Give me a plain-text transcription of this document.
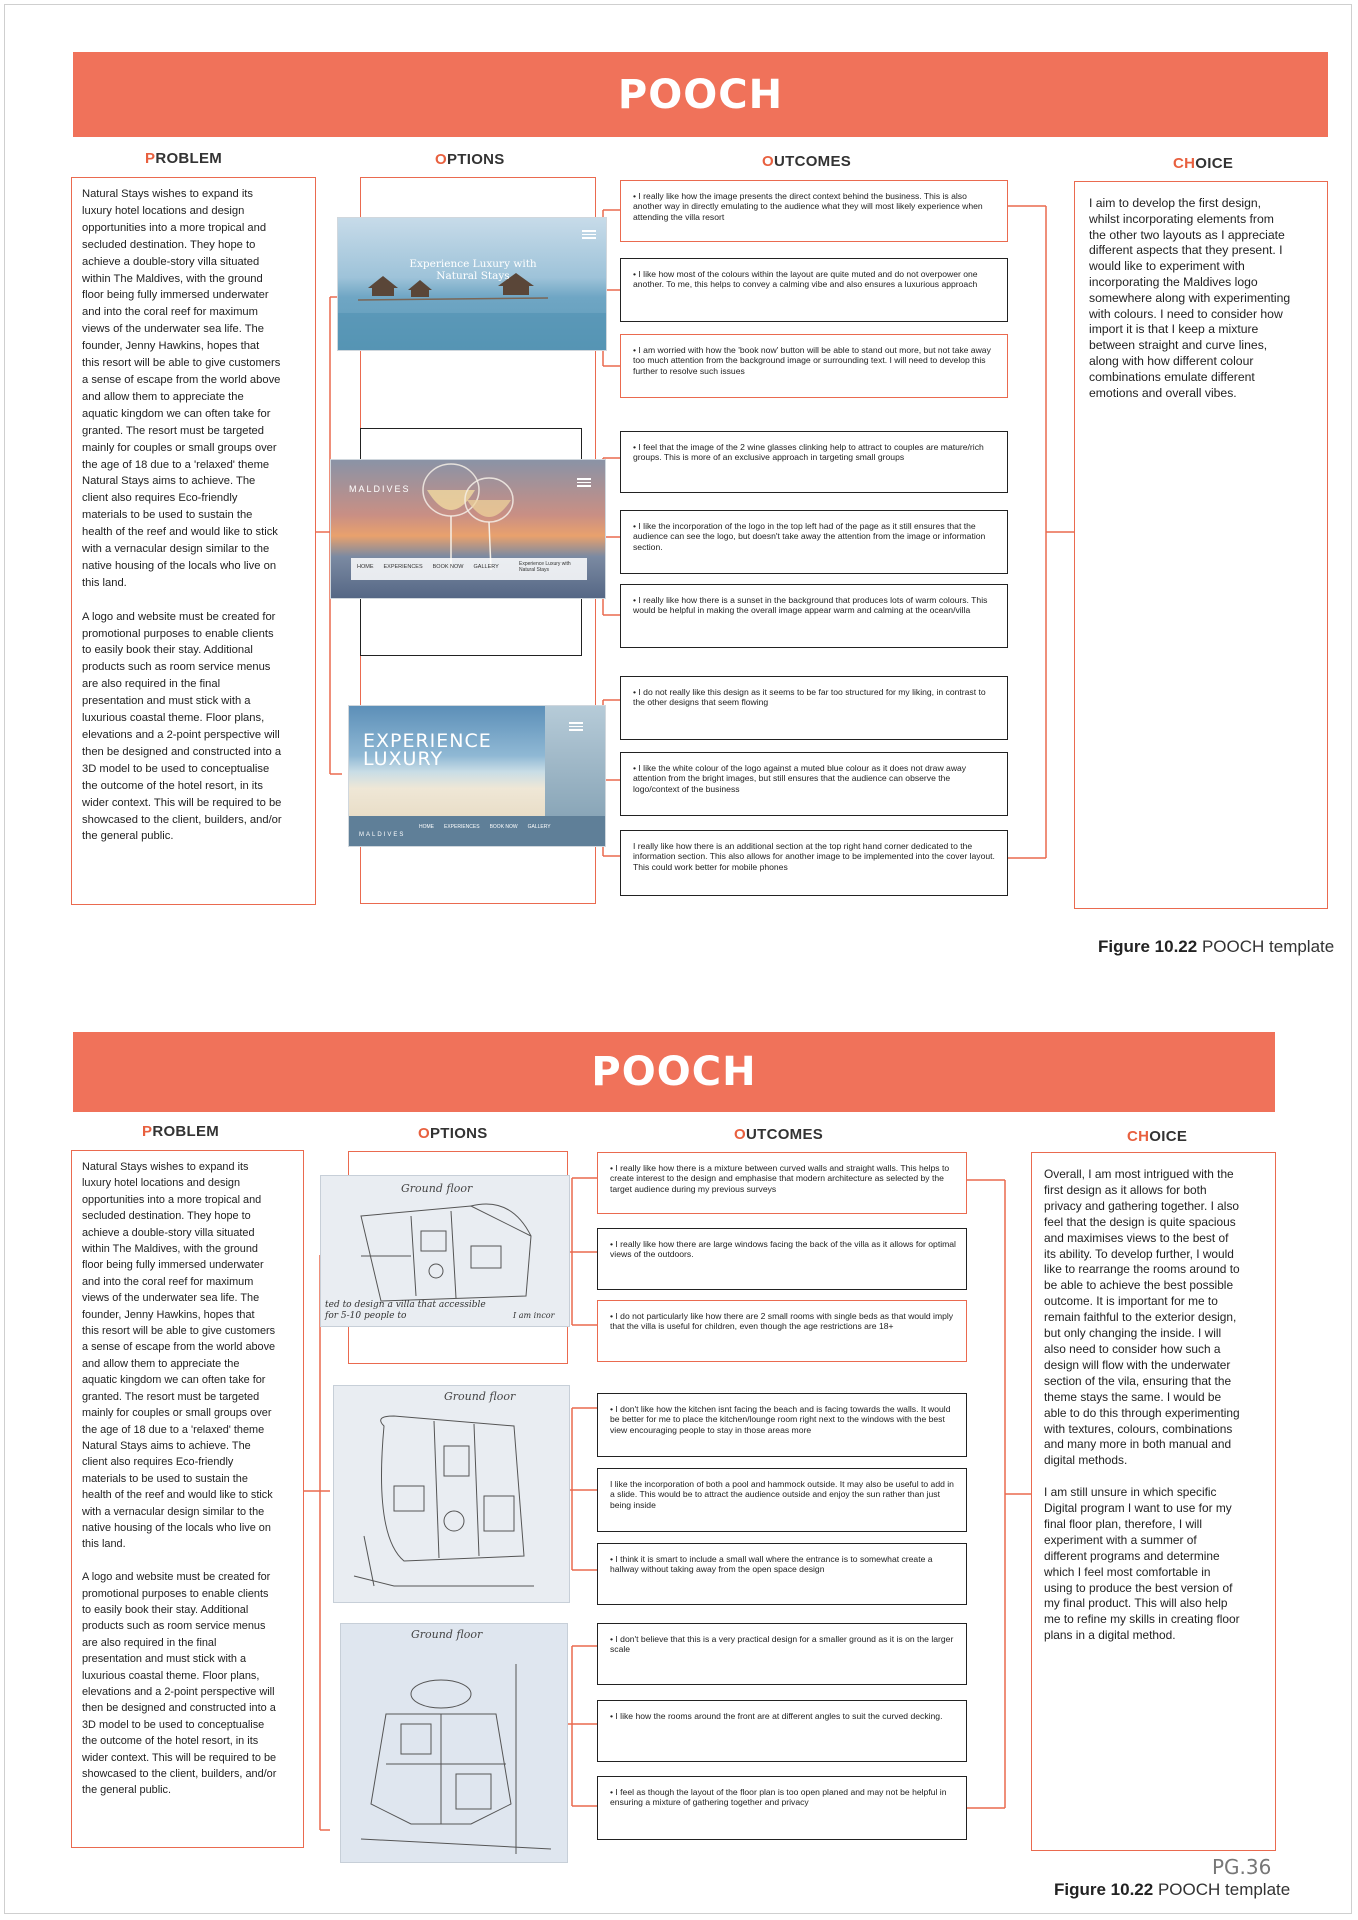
POOCH
PROBLEM	OPTIONS	OUTCOMES	CHOICE
Natural Stays wishes to expand its
luxury hotel locations and design
opportunities into a more tropical and
secluded destination. They hope to
achieve a double-story villa situated
within The Maldives, with the ground
floor being fully immersed underwater
and into the coral reef for maximum
views of the underwater sea life. The
founder, Jenny Hawkins, hopes that
this resort will be able to give customers
a sense of escape from the world above
and allow them to appreciate the
aquatic kingdom we can often take for
granted. The resort must be targeted
mainly for couples or small groups over
the age of 18 due to a 'relaxed' theme
Natural Stays aims to achieve. The
client also requires Eco-friendly
materials to be used to sustain the
health of the reef and would like to stick
with a vernacular design similar to the
native housing of the locals who live on
this land.

A logo and website must be created for
promotional purposes to enable clients
to easily book their stay. Additional
products such as room service menus
are also required in the final
presentation and must stick with a
luxurious coastal theme. Floor plans,
elevations and a 2-point perspective will
then be designed and constructed into a
3D model to be used to conceptualise
the outcome of the hotel resort, in its
wider context. This will be required to be
showcased to the client, builders, and/or
the general public.
Experience Luxury with Natural Stays
MALDIVES
HOME EXPERIENCES BOOK NOW GALLERY	Experience Luxury with Natural Stays
EXPERIENCE LUXURY
MALDIVES
HOME EXPERIENCES BOOK NOW GALLERY
• I really like how the image presents the direct context behind the business. This is also another way in directly emulating to the audience what they will most likely experience when attending the villa resort
• I like how most of the colours within the layout are quite muted and do not overpower one another. To me, this helps to convey a calming vibe and also ensures a luxurious approach
• I am worried with how the 'book now' button will be able to stand out more, but not take away too much attention from the background image or surrounding text. I will need to develop this further to resolve such issues
• I feel that the image of the 2 wine glasses clinking help to attract to couples are mature/rich groups. This is more of an exclusive approach in targeting small groups
• I like the incorporation of the logo in the top left had of the page as it still ensures that the audience can see the logo, but doesn't take away the attention from the image or information section.
• I really like how there is a sunset in the background that produces lots of warm colours. This would be helpful in making the overall image appear warm and calming at the ocean/villa
• I do not really like this design as it seems to be far too structured for my liking, in contrast to the other designs that seem flowing
• I like the white colour of the logo against a muted blue colour as it does not draw away attention from the bright images, but still ensures that the audience can observe the logo/context of the business
I really like how there is an additional section at the top right hand corner dedicated to the information section. This also allows for another image to be implemented into the cover layout. This could work better for mobile phones
I aim to develop the first design,
whilst incorporating elements from
the other two layouts as I appreciate
different aspects that they present. I
would like to experiment with
incorporating the Maldives logo
somewhere along with experimenting
with colours. I need to consider how
import it is that I keep a mixture
between straight and curve lines,
along with how different colour
combinations emulate different
emotions and overall vibes.
Figure 10.22 POOCH template
POOCH
PROBLEM	OPTIONS	OUTCOMES	CHOICE
Natural Stays wishes to expand its
luxury hotel locations and design
opportunities into a more tropical and
secluded destination. They hope to
achieve a double-story villa situated
within The Maldives, with the ground
floor being fully immersed underwater
and into the coral reef for maximum
views of the underwater sea life. The
founder, Jenny Hawkins, hopes that
this resort will be able to give customers
a sense of escape from the world above
and allow them to appreciate the
aquatic kingdom we can often take for
granted. The resort must be targeted
mainly for couples or small groups over
the age of 18 due to a 'relaxed' theme
Natural Stays aims to achieve. The
client also requires Eco-friendly
materials to be used to sustain the
health of the reef and would like to stick
with a vernacular design similar to the
native housing of the locals who live on
this land.

A logo and website must be created for
promotional purposes to enable clients
to easily book their stay. Additional
products such as room service menus
are also required in the final
presentation and must stick with a
luxurious coastal theme. Floor plans,
elevations and a 2-point perspective will
then be designed and constructed into a
3D model to be used to conceptualise
the outcome of the hotel resort, in its
wider context. This will be required to be
showcased to the client, builders, and/or
the general public.
Ground floor
ted to design a villa that accessible for 5-10 people to	I am incor
Ground floor
Ground floor
• I really like how there is a mixture between curved walls and straight walls. This helps to create interest to the design and emphasise that modern architecture as selected by the target audience during my previous surveys
• I really like how there are large windows facing the back of the villa as it allows for optimal views of the outdoors.
• I do not particularly like how there are 2 small rooms with single beds as that would imply that the villa is useful for children, even though the age restrictions are 18+
• I don't like how the kitchen isnt facing the beach and is facing towards the walls. It would be better for me to place the kitchen/lounge room right next to the windows with the best view encouraging people to stay in those areas more
I like the incorporation of both a pool and hammock outside. It may also be useful to add in a slide. This would be to attract the audience outside and enjoy the sun rather than just being inside
• I think it is smart to include a small wall where the entrance is to somewhat create a hallway without taking away from the open space design
• I don't believe that this is a very practical design for a smaller ground as it is on the larger scale
• I like how the rooms around the front are at different angles to suit the curved decking.
• I feel as though the layout of the floor plan is too open planed and may not be helpful in ensuring a mixture of gathering together and privacy
Overall, I am most intrigued with the
first design as it allows for both
privacy and gathering together. I also
feel that the design is quite spacious
and maximises views to the best of
its ability. To develop further, I would
like to rearrange the rooms around to
be able to achieve the best possible
outcome. It is important for me to
remain faithful to the exterior design,
but only changing the inside. I will
also need to consider how such a
design will flow with the underwater
section of the vila, ensuring that the
theme stays the same. I would be
able to do this through experimenting
with textures, colours, combinations
and many more in both manual and
digital methods.

I am still unsure in which specific
Digital program I want to use for my
final floor plan, therefore, I will
experiment with a summer of
different programs and determine
which I feel most comfortable in
using to produce the best version of
my final product. This will also help
me to refine my skills in creating floor
plans in a digital method.
PG.36
Figure 10.22 POOCH template
